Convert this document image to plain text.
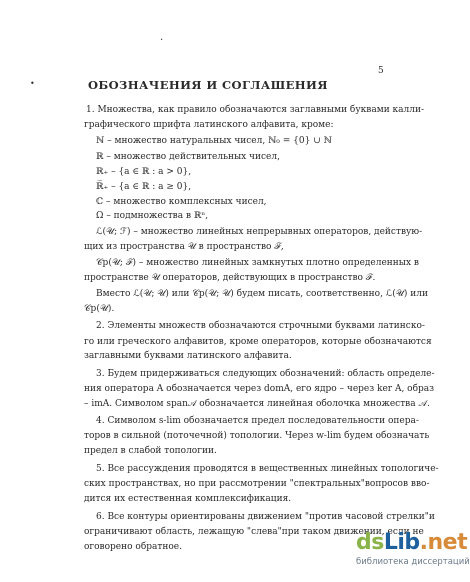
·
•
5
ОБОЗНАЧЕНИЯ И СОГЛАШЕНИЯ
1. Множества, как правило обозначаются заглавными буквами калли-
графического шрифта латинского алфавита, кроме:
ℕ – множество натуральных чисел, ℕ₀ = {0} ∪ ℕ
ℝ – множество действительных чисел,
ℝ₊ – {a ∈ ℝ : a > 0},
ℝ̅₊ – {a ∈ ℝ : a ≥ 0},
ℂ – множество комплексных чисел,
Ω – подмножества в ℝⁿ,
ℒ(𝒰; ℱ) – множество линейных непрерывных операторов, действую-
щих из пространства 𝒰 в пространство ℱ,
𝒞p(𝒰; ℱ) – множество линейных замкнутых плотно определенных в
пространстве 𝒰 операторов, действующих в пространство ℱ.
Вместо ℒ(𝒰; 𝒰) или 𝒞p(𝒰; 𝒰) будем писать, соответственно, ℒ(𝒰) или
𝒞p(𝒰).
2. Элементы множеств обозначаются строчными буквами латинско-
го или греческого алфавитов, кроме операторов, которые обозначаются
заглавными буквами латинского алфавита.
3. Будем придерживаться следующих обозначений: область определе-
ния оператора A обозначается через domA, его ядро – через ker A, образ
– imA. Символом span𝒜 обозначается линейная оболочка множества 𝒜.
4. Символом s-lim обозначается предел последовательности опера-
торов в сильной (поточечной) топологии. Через w-lim будем обозначать
предел в слабой топологии.
5. Все рассуждения проводятся в вещественных линейных топологиче-
ских пространствах, но при рассмотрении "спектральных"вопросов вво-
дится их естественная комплексификация.
6. Все контуры ориентированы движением "против часовой стрелки"и
ограничивают область, лежащую "слева"при таком движении, если не
оговорено обратное.	dsLib.net
библиотека диссертаций
